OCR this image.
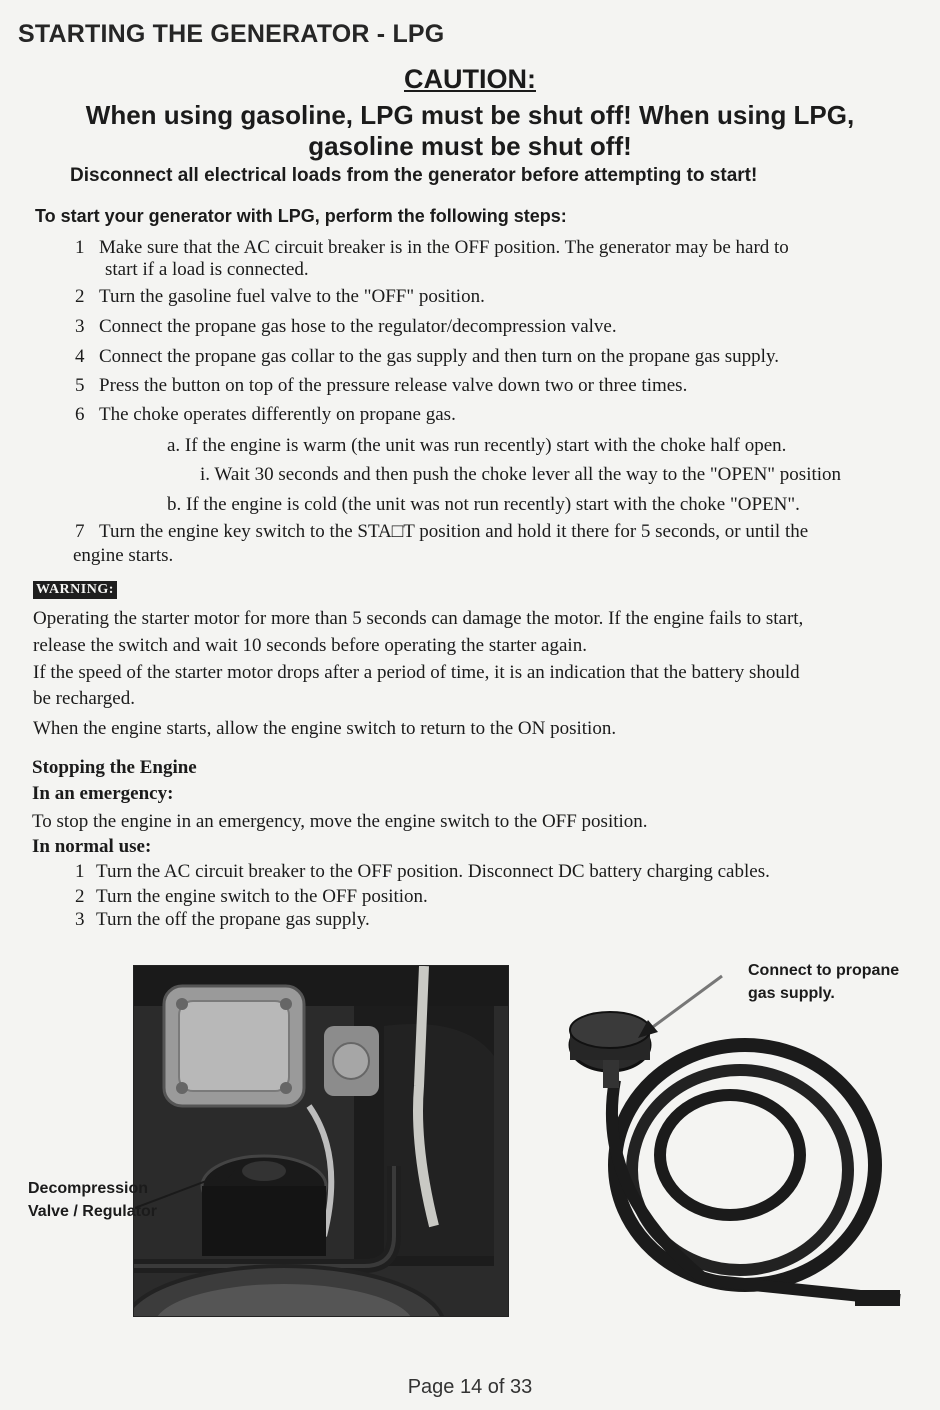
STARTING THE GENERATOR - LPG
CAUTION:
When using gasoline, LPG must be shut off! When using LPG,
gasoline must be shut off!
Disconnect all electrical loads from the generator before attempting to start!
To start your generator with LPG, perform the following steps:
1 Make sure that the AC circuit breaker is in the OFF position. The generator may be hard to
start if a load is connected.
2 Turn the gasoline fuel valve to the "OFF" position.
3 Connect the propane gas hose to the regulator/decompression valve.
4 Connect the propane gas collar to the gas supply and then turn on the propane gas supply.
5 Press the button on top of the pressure release valve down two or three times.
6 The choke operates differently on propane gas.
a. If the engine is warm (the unit was run recently) start with the choke half open.
i. Wait 30 seconds and then push the choke lever all the way to the "OPEN" position
b. If the engine is cold (the unit was not run recently) start with the choke "OPEN".
7 Turn the engine key switch to the STA□T position and hold it there for 5 seconds, or until the
engine starts.
WARNING:
Operating the starter motor for more than 5 seconds can damage the motor. If the engine fails to start,
release the switch and wait 10 seconds before operating the starter again.
If the speed of the starter motor drops after a period of time, it is an indication that the battery should
be recharged.
When the engine starts, allow the engine switch to return to the ON position.
Stopping the Engine
In an emergency:
To stop the engine in an emergency, move the engine switch to the OFF position.
In normal use:
1 Turn the AC circuit breaker to the OFF position. Disconnect DC battery charging cables.
2 Turn the engine switch to the OFF position.
3 Turn the off the propane gas supply.
Decompression
Valve / Regulator
Connect to propane
gas supply.
Page 14 of 33
